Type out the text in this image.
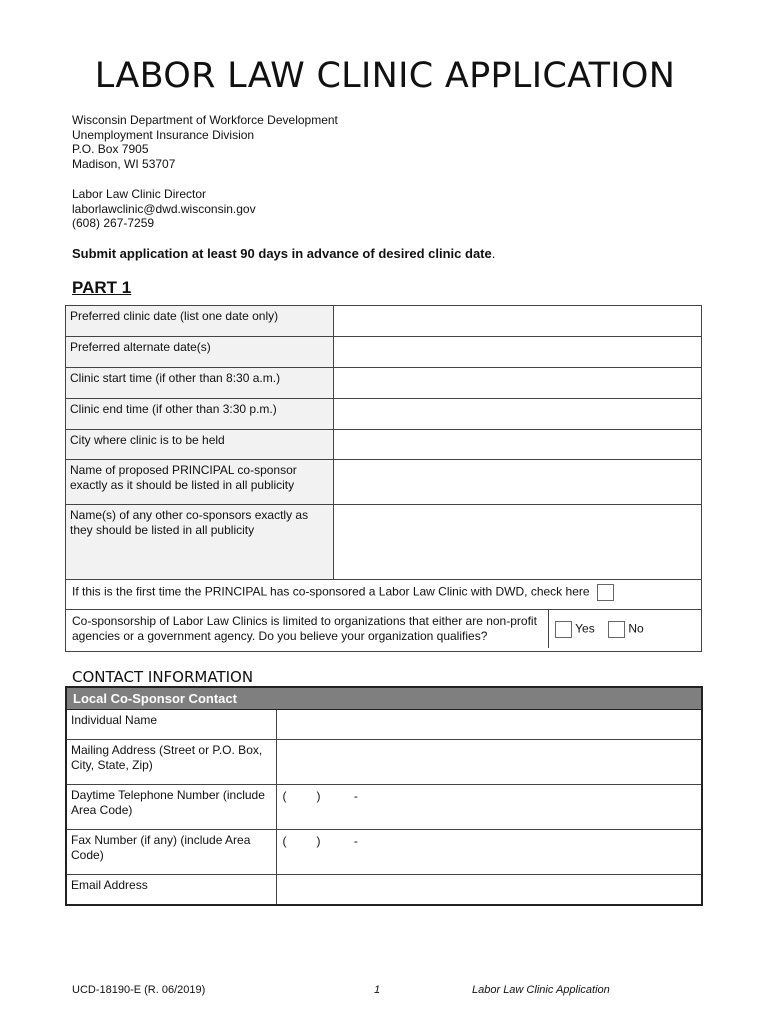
LABOR LAW CLINIC APPLICATION
Wisconsin Department of Workforce Development
Unemployment Insurance Division
P.O. Box 7905
Madison, WI 53707
Labor Law Clinic Director
laborlawclinic@dwd.wisconsin.gov
(608) 267-7259
Submit application at least 90 days in advance of desired clinic date.
PART 1
Preferred clinic date (list one date only)	
Preferred alternate date(s)	
Clinic start time (if other than 8:30 a.m.)	
Clinic end time (if other than 3:30 p.m.)	
City where clinic is to be held	
Name of proposed PRINCIPAL co-sponsor exactly as it should be listed in all publicity	
Name(s) of any other co-sponsors exactly as they should be listed in all publicity	
If this is the first time the PRINCIPAL has co-sponsored a Labor Law Clinic with DWD, check here

Co-sponsorship of Labor Law Clinics is limited to organizations that either are non-profit agencies or a government agency. Do you believe your organization qualifies?	Yes	No
CONTACT INFORMATION
Local Co-Sponsor Contact	
Individual Name	
Mailing Address (Street or P.O. Box, City, State, Zip)	
Daytime Telephone Number (include Area Code)	(         )          -
Fax Number (if any) (include Area Code)	(         )          -
Email Address	
UCD-18190-E (R. 06/2019)	1	Labor Law Clinic Application
